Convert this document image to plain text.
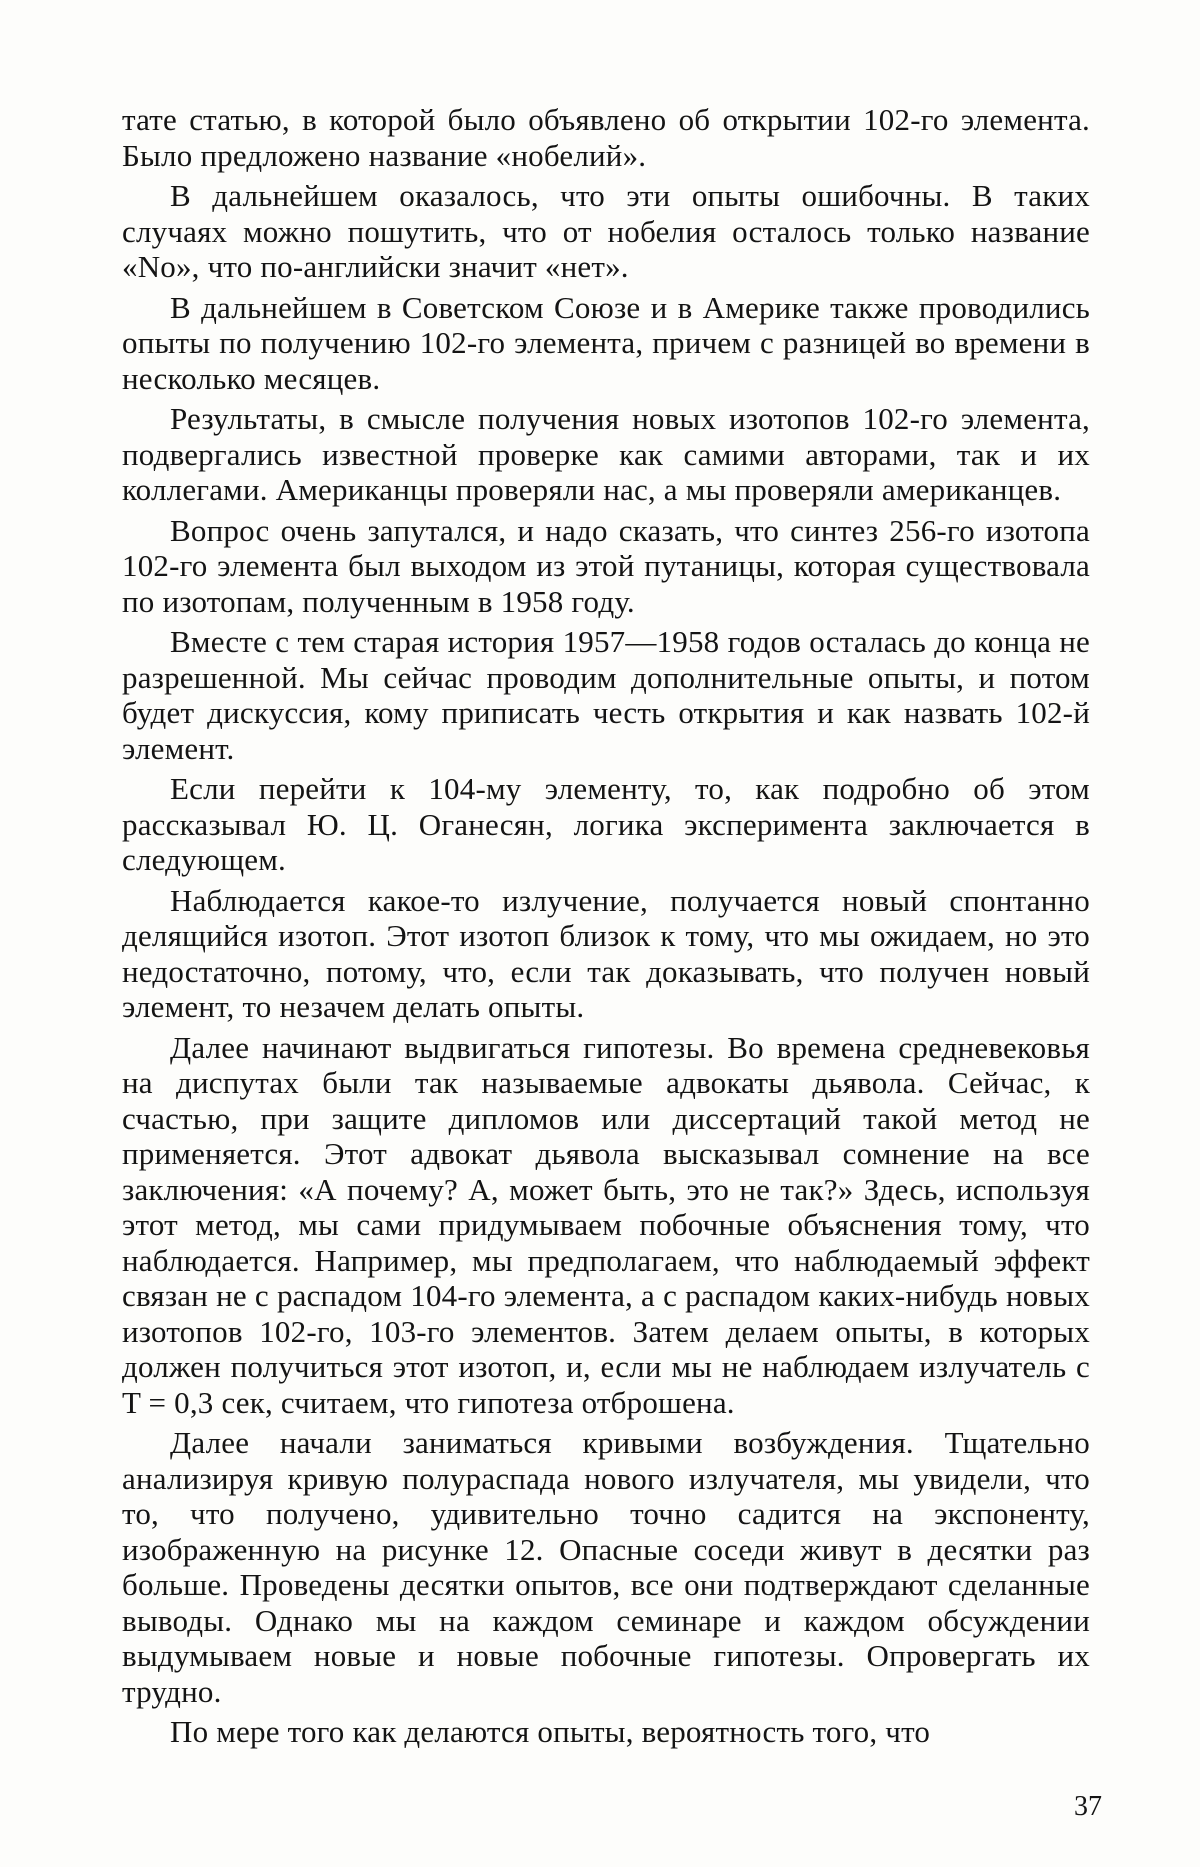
тате статью, в которой было объявлено об открытии 102-го элемента. Было предложено название «нобелий».

В дальнейшем оказалось, что эти опыты ошибочны. В таких случаях можно пошутить, что от нобелия осталось только название «No», что по-английски значит «нет».

В дальнейшем в Советском Союзе и в Америке также проводились опыты по получению 102-го элемента, причем с разницей во времени в несколько месяцев.

Результаты, в смысле получения новых изотопов 102-го элемента, подвергались известной проверке как самими авторами, так и их коллегами. Американцы проверяли нас, а мы проверяли американцев.

Вопрос очень запутался, и надо сказать, что синтез 256-го изотопа 102-го элемента был выходом из этой путаницы, которая существовала по изотопам, полученным в 1958 году.

Вместе с тем старая история 1957—1958 годов осталась до конца не разрешенной. Мы сейчас проводим дополнительные опыты, и потом будет дискуссия, кому приписать честь открытия и как назвать 102-й элемент.

Если перейти к 104-му элементу, то, как подробно об этом рассказывал Ю. Ц. Оганесян, логика эксперимента заключается в следующем.

Наблюдается какое-то излучение, получается новый спонтанно делящийся изотоп. Этот изотоп близок к тому, что мы ожидаем, но это недостаточно, потому, что, если так доказывать, что получен новый элемент, то незачем делать опыты.

Далее начинают выдвигаться гипотезы. Во времена средневековья на диспутах были так называемые адвокаты дьявола. Сейчас, к счастью, при защите дипломов или диссертаций такой метод не применяется. Этот адвокат дьявола высказывал сомнение на все заключения: «А почему? А, может быть, это не так?» Здесь, используя этот метод, мы сами придумываем побочные объяснения тому, что наблюдается. Например, мы предполагаем, что наблюдаемый эффект связан не с распадом 104-го элемента, а с распадом каких-нибудь новых изотопов 102-го, 103-го элементов. Затем делаем опыты, в которых должен получиться этот изотоп, и, если мы не наблюдаем излучатель с T = 0,3 сек, считаем, что гипотеза отброшена.

Далее начали заниматься кривыми возбуждения. Тщательно анализируя кривую полураспада нового излучателя, мы увидели, что то, что получено, удивительно точно садится на экспоненту, изображенную на рисунке 12. Опасные соседи живут в десятки раз больше. Проведены десятки опытов, все они подтверждают сделанные выводы. Однако мы на каждом семинаре и каждом обсуждении выдумываем новые и новые побочные гипотезы. Опровергать их трудно.

По мере того как делаются опыты, вероятность того, что

37
